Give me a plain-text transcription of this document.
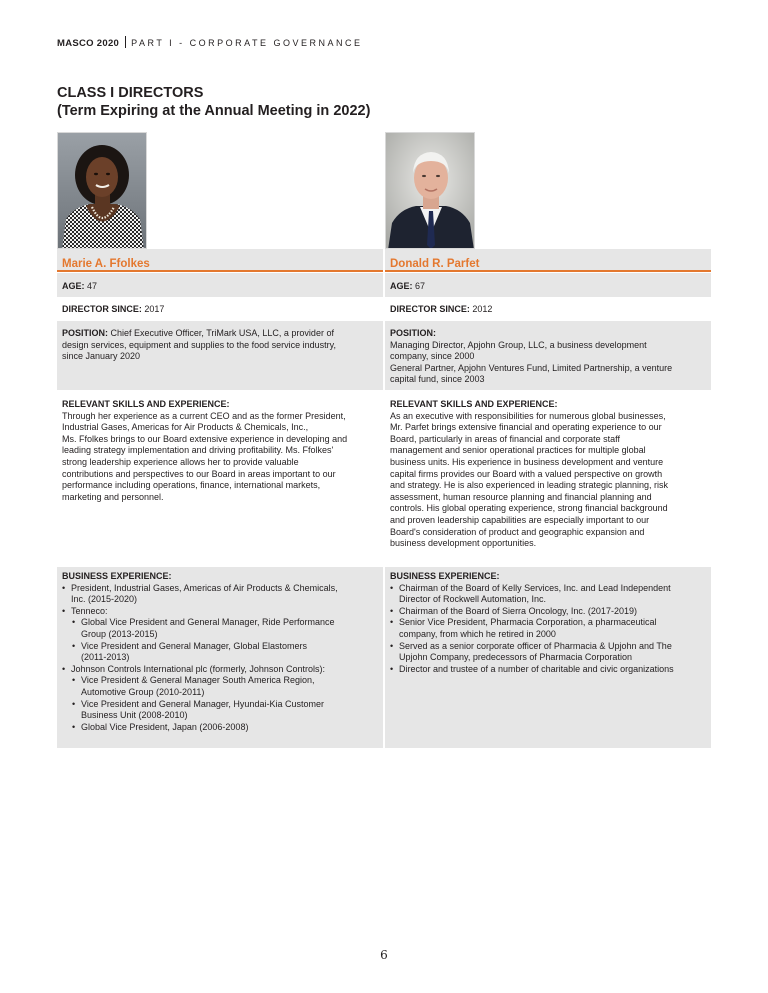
MASCO 2020 PART I - CORPORATE GOVERNANCE
CLASS I DIRECTORS
(Term Expiring at the Annual Meeting in 2022)
Marie A. Ffolkes
AGE: 47
DIRECTOR SINCE: 2017
POSITION: Chief Executive Officer, TriMark USA, LLC, a provider of
design services, equipment and supplies to the food service industry,
since January 2020
RELEVANT SKILLS AND EXPERIENCE:
Through her experience as a current CEO and as the former President,
Industrial Gases, Americas for Air Products & Chemicals, Inc.,
Ms. Ffolkes brings to our Board extensive experience in developing and
leading strategy implementation and driving profitability. Ms. Ffolkes'
strong leadership experience allows her to provide valuable
contributions and perspectives to our Board in areas important to our
performance including operations, finance, international markets,
marketing and personnel.
BUSINESS EXPERIENCE:
• President, Industrial Gases, Americas of Air Products & Chemicals,
Inc. (2015-2020)
• Tenneco:
• Global Vice President and General Manager, Ride Performance
Group (2013-2015)
• Vice President and General Manager, Global Elastomers
(2011-2013)
• Johnson Controls International plc (formerly, Johnson Controls):
• Vice President & General Manager South America Region,
Automotive Group (2010-2011)
• Vice President and General Manager, Hyundai-Kia Customer
Business Unit (2008-2010)
• Global Vice President, Japan (2006-2008)
Donald R. Parfet
AGE: 67
DIRECTOR SINCE: 2012
POSITION:
Managing Director, Apjohn Group, LLC, a business development
company, since 2000
General Partner, Apjohn Ventures Fund, Limited Partnership, a venture
capital fund, since 2003
RELEVANT SKILLS AND EXPERIENCE:
As an executive with responsibilities for numerous global businesses,
Mr. Parfet brings extensive financial and operating experience to our
Board, particularly in areas of financial and corporate staff
management and senior operational practices for multiple global
business units. His experience in business development and venture
capital firms provides our Board with a valued perspective on growth
and strategy. He is also experienced in leading strategic planning, risk
assessment, human resource planning and financial planning and
controls. His global operating experience, strong financial background
and proven leadership capabilities are especially important to our
Board's consideration of product and geographic expansion and
business development opportunities.
BUSINESS EXPERIENCE:
• Chairman of the Board of Kelly Services, Inc. and Lead Independent
Director of Rockwell Automation, Inc.
• Chairman of the Board of Sierra Oncology, Inc. (2017-2019)
• Senior Vice President, Pharmacia Corporation, a pharmaceutical
company, from which he retired in 2000
• Served as a senior corporate officer of Pharmacia & Upjohn and The
Upjohn Company, predecessors of Pharmacia Corporation
• Director and trustee of a number of charitable and civic organizations
6
